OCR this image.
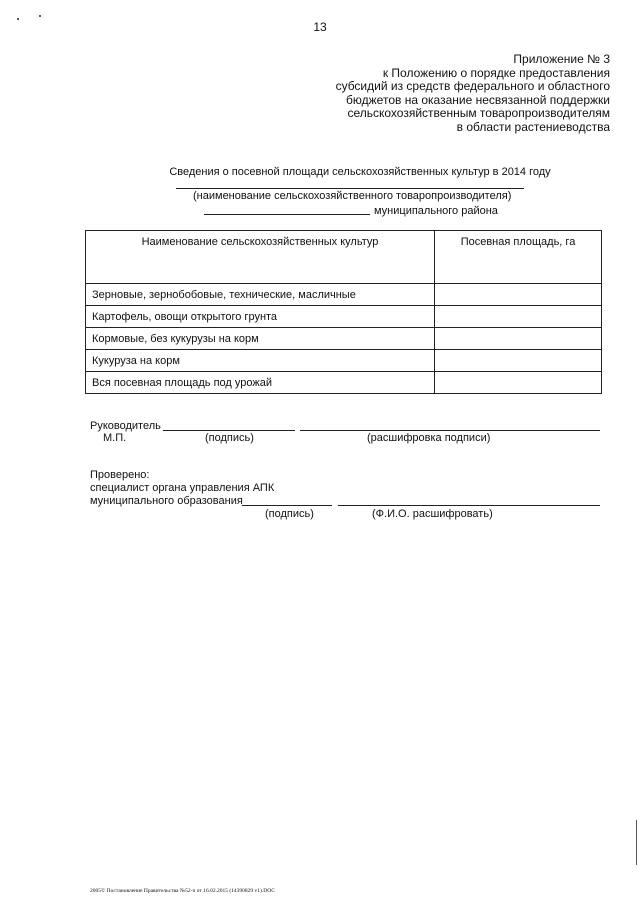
13
Приложение № 3
к Положению о порядке предоставления
субсидий из средств федерального и областного
бюджетов на оказание несвязанной поддержки
сельскохозяйственным товаропроизводителям
в области растениеводства
Сведения о посевной площади сельскохозяйственных культур в 2014 году
(наименование сельскохозяйственного товаропроизводителя)
муниципального района
Наименование сельскохозяйственных культур	Посевная площадь, га
Зерновые, зернобобовые, технические, масличные	
Картофель, овощи открытого грунта	
Кормовые, без кукурузы на корм	
Кукуруза на корм	
Вся посевная площадь под урожай	
Руководитель
М.П.	(подпись)	(расшифровка подписи)
Проверено:
специалист органа управления АПК
муниципального образования
(подпись)	(Ф.И.О. расшифровать)
2005© Постановление Правительства №52-п от 16.02.2015 (14390829 v1).DOC
